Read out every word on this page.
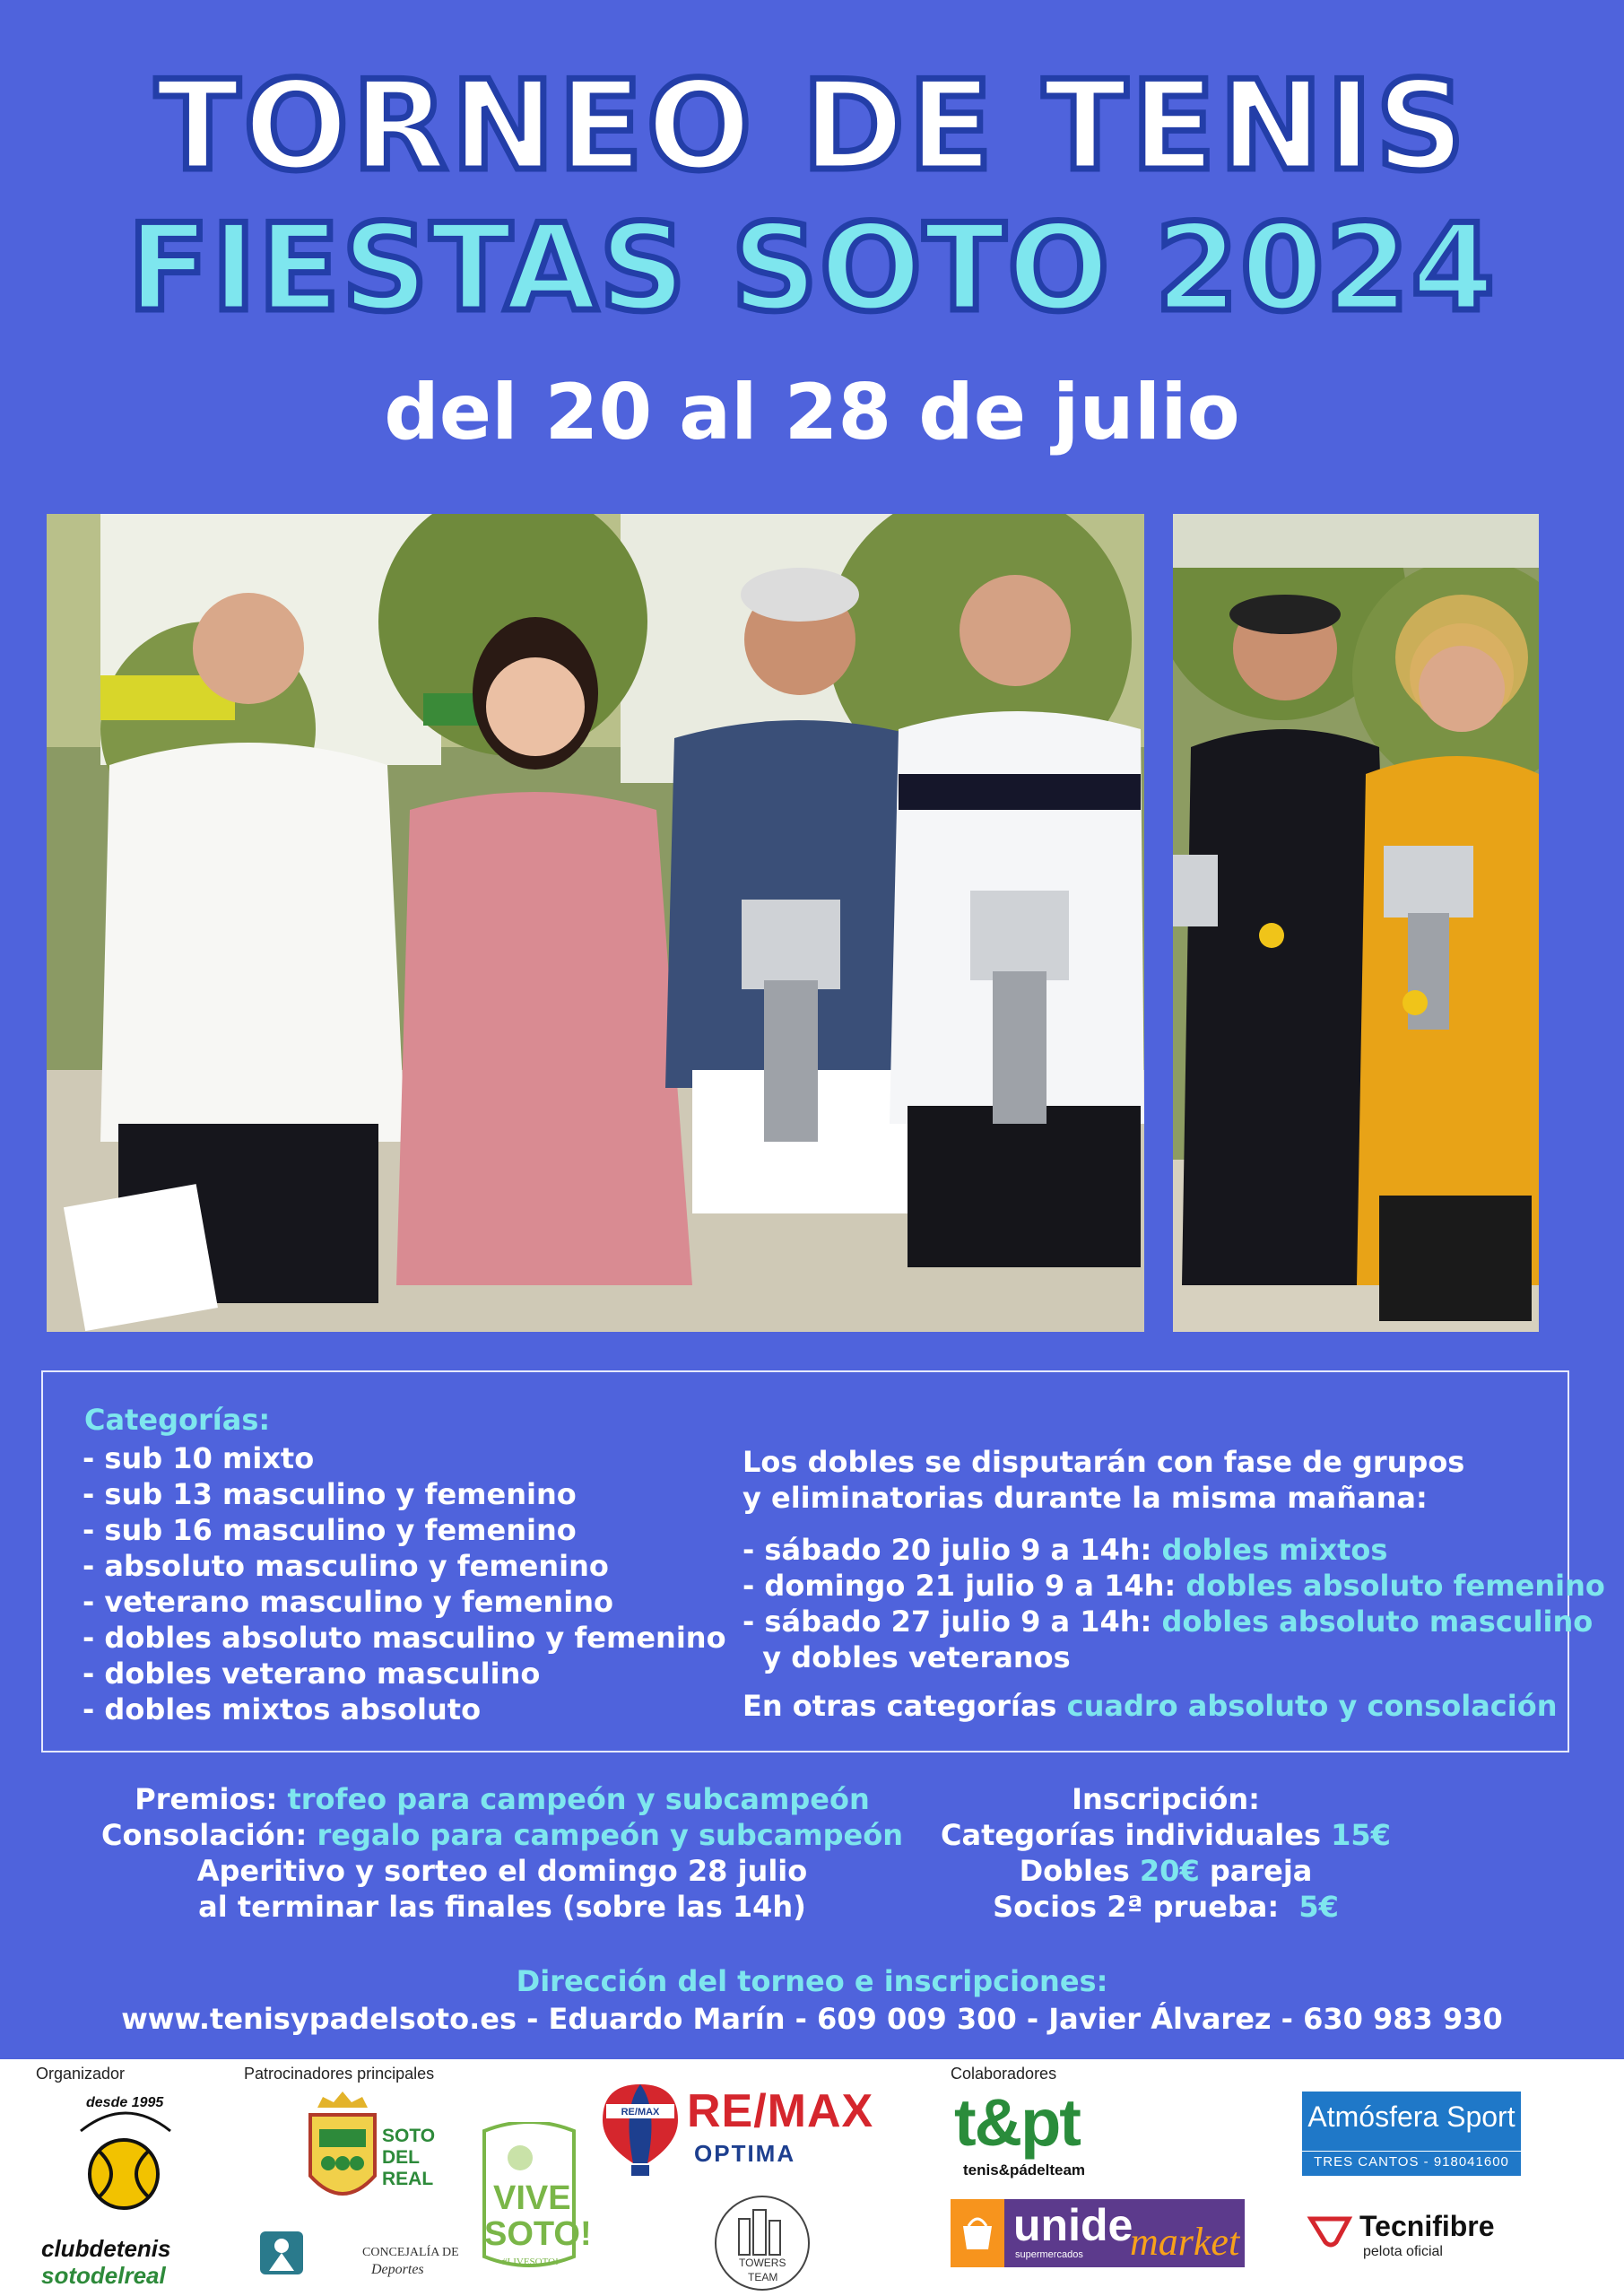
TORNEO DE TENIS
FIESTAS SOTO 2024
del 20 al 28 de julio
Categorías:
- sub 10 mixto
- sub 13 masculino y femenino
- sub 16 masculino y femenino
- absoluto masculino y femenino
- veterano masculino y femenino
- dobles absoluto masculino y femenino
- dobles veterano masculino
- dobles mixtos absoluto

Los dobles se disputarán con fase de grupos

y eliminatorias durante la misma mañana:

- sábado 20 julio 9 a 14h: dobles mixtos

- domingo 21 julio 9 a 14h: dobles absoluto femenino

- sábado 27 julio 9 a 14h: dobles absoluto masculino

y dobles veteranos

En otras categorías cuadro absoluto y consolación

Premios: trofeo para campeón y subcampeón

Consolación: regalo para campeón y subcampeón

Aperitivo y sorteo el domingo 28 julio

al terminar las finales (sobre las 14h)

Inscripción:

Categorías individuales 15€

Dobles 20€ pareja

Socios 2ª prueba:  5€

Dirección del torneo e inscripciones:
www.tenisypadelsoto.es - Eduardo Marín - 609 009 300 - Javier Álvarez - 630 983 930
Organizador	Patrocinadores principales	Colaboradores
desde 1995
clubdetenis
sotodelreal
SOTO
DEL
REAL
CONCEJALÍA DE
Deportes
VIVE
SOTO!
#LIVESOTO!
RE/MAX RE/MAX
OPTIMA
TOWERS
TEAM
t&pt
tenis&pádelteam
unide
supermercados market
Atmósfera Sport
TRES CANTOS - 918041600
Tecnifibre
pelota oficial
